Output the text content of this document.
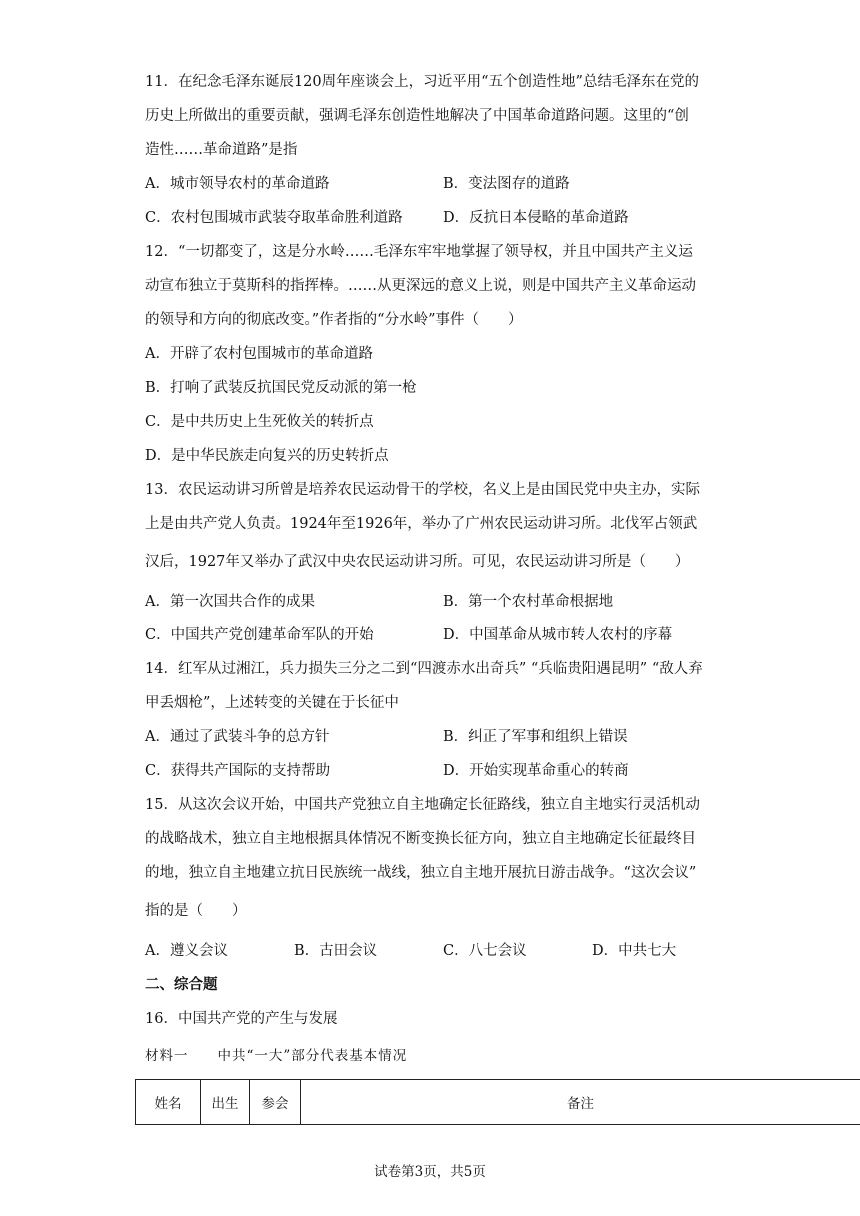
11．在纪念毛泽东诞辰120周年座谈会上，习近平用“五个创造性地”总结毛泽东在党的
历史上所做出的重要贡献，强调毛泽东创造性地解决了中国革命道路问题。这里的“创
造性……革命道路”是指
A．城市领导农村的革命道路	B．变法图存的道路
C．农村包围城市武装夺取革命胜利道路	D．反抗日本侵略的革命道路
12．“一切都变了，这是分水岭……毛泽东牢牢地掌握了领导权，并且中国共产主义运
动宣布独立于莫斯科的指挥棒。……从更深远的意义上说，则是中国共产主义革命运动
的领导和方向的彻底改变。”作者指的“分水岭”事件（　　）
A．开辟了农村包围城市的革命道路
B．打响了武装反抗国民党反动派的第一枪
C．是中共历史上生死攸关的转折点
D．是中华民族走向复兴的历史转折点
13．农民运动讲习所曾是培养农民运动骨干的学校，名义上是由国民党中央主办，实际
上是由共产党人负责。1924年至1926年，举办了广州农民运动讲习所。北伐军占领武
汉后，1927年又举办了武汉中央农民运动讲习所。可见，农民运动讲习所是（　　）
A．第一次国共合作的成果	B．第一个农村革命根据地
C．中国共产党创建革命军队的开始	D．中国革命从城市转人农村的序幕
14．红军从过湘江，兵力损失三分之二到“四渡赤水出奇兵” “兵临贵阳遇昆明” “敌人弃
甲丢烟枪”，上述转变的关键在于长征中
A．通过了武装斗争的总方针	B．纠正了军事和组织上错误
C．获得共产国际的支持帮助	D．开始实现革命重心的转商
15．从这次会议开始，中国共产党独立自主地确定长征路线，独立自主地实行灵活机动
的战略战术，独立自主地根据具体情况不断变换长征方向，独立自主地确定长征最终目
的地，独立自主地建立抗日民族统一战线，独立自主地开展抗日游击战争。“这次会议”
指的是（　　）
A．遵义会议	B．古田会议	C．八七会议	D．中共七大
二、综合题
16．中国共产党的产生与发展
材料一　　中共“一大”部分代表基本情况
姓名	出生	参会	备注
试卷第3页，共5页
